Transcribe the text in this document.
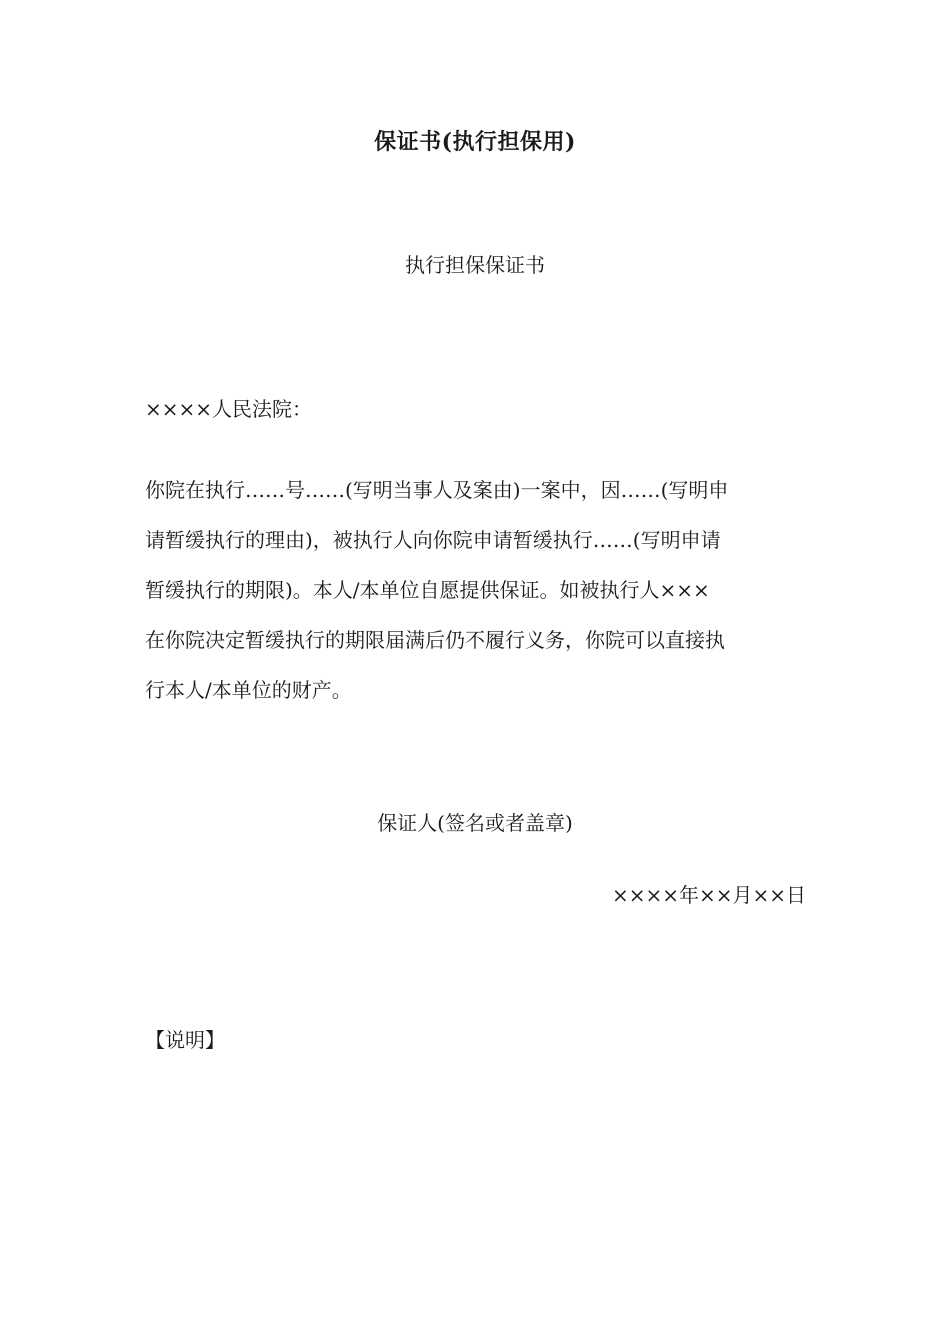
保证书(执行担保用)
执行担保保证书
××××人民法院：
你院在执行……号……(写明当事人及案由)一案中，因……(写明申
请暂缓执行的理由)，被执行人向你院申请暂缓执行……(写明申请
暂缓执行的期限)。本人/本单位自愿提供保证。如被执行人×××
在你院决定暂缓执行的期限届满后仍不履行义务，你院可以直接执
行本人/本单位的财产。
保证人(签名或者盖章)
××××年××月××日
【说明】
